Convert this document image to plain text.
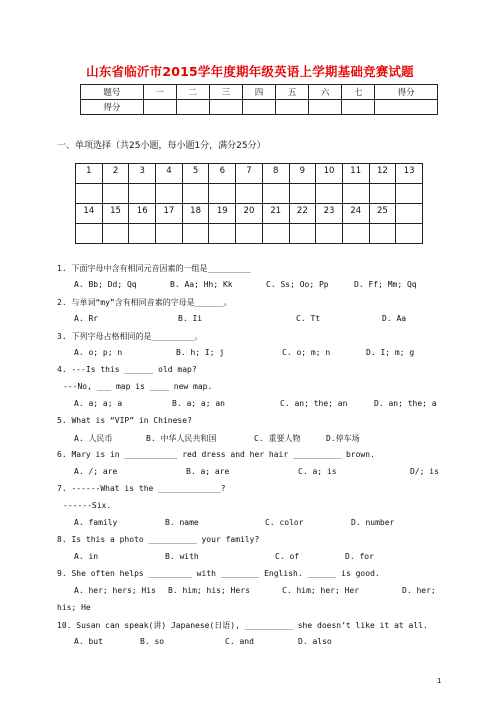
山东省临沂市2015学年度期年级英语上学期基础竞赛试题
题号	一	二	三	四	五	六	七	得分
得分								
一、单项选择（共25小题，每小题1分，满分25分）
1	2	3	4	5	6	7	8	9	10	11	12	13

14	15	16	17	18	19	20	21	22	23	24	25	

1. 下面字母中含有相同元音因素的一组是_________
A. Bb; Dd; Qq	B. Aa; Hh; Kk	C. Ss; Oo; Pp	D. Ff; Mm; Qq
2. 与单词“my”含有相同音素的字母是______。
A. Rr	B. Ii	C. Tt	D. Aa
3. 下列字母占格相同的是_________。
A. o; p; n	B. h; I; j	C. o; m; n	D. I; m; g
4. ---Is this ______ old map?
---No, ___ map is ____ new map.
A. a; a; a	B. a; a; an	C. an; the; an	D. an; the; a
5. What is “VIP” in Chinese?
A. 人民币	B. 中华人民共和国	C. 重要人物	D.停车场
6. Mary is in ___________ red dress and her hair __________ brown.
A. /; are	B. a; are	C. a; is	D/; is
7. ------What is the _____________?
------Six.
A. family	B. name	C. color	D. number
8. Is this a photo __________ your family?
A. in	B. with	C. of	D. for
9. She often helps _________ with ________ English. ______ is good.
A. her; hers; His B. him; his; Hers	C. him; her; Her	D. her;
his; He
10. Susan can speak(讲) Japanese(日语), __________ she doesn’t like it at all.
A. but	B. so	C. and	D. also
1
